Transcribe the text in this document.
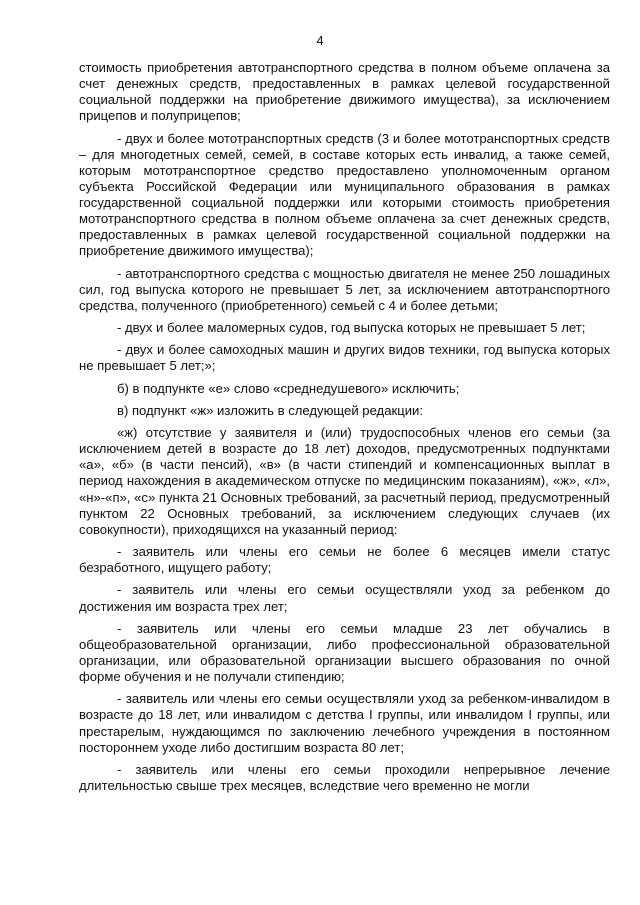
4

стоимость приобретения автотранспортного средства в полном объеме оплачена за счет денежных средств, предоставленных в рамках целевой государственной социальной поддержки на приобретение движимого имущества), за исключением прицепов и полуприцепов;

- двух и более мототранспортных средств (3 и более мототранспортных средств – для многодетных семей, семей, в составе которых есть инвалид, а также семей, которым мототранспортное средство предоставлено уполномоченным органом субъекта Российской Федерации или муниципального образования в рамках государственной социальной поддержки или которыми стоимость приобретения мототранспортного средства в полном объеме оплачена за счет денежных средств, предоставленных в рамках целевой государственной социальной поддержки на приобретение движимого имущества);

- автотранспортного средства с мощностью двигателя не менее 250 лошадиных сил, год выпуска которого не превышает 5 лет, за исключением автотранспортного средства, полученного (приобретенного) семьей с 4 и более детьми;

- двух и более маломерных судов, год выпуска которых не превышает 5 лет;

- двух и более самоходных машин и других видов техники, год выпуска которых не превышает 5 лет;»;

б) в подпункте «е» слово «среднедушевого» исключить;

в) подпункт «ж» изложить в следующей редакции:

«ж) отсутствие у заявителя и (или) трудоспособных членов его семьи (за исключением детей в возрасте до 18 лет) доходов, предусмотренных подпунктами «а», «б» (в части пенсий), «в» (в части стипендий и компенсационных выплат в период нахождения в академическом отпуске по медицинским показаниям), «ж», «л», «н»-«п», «с» пункта 21 Основных требований, за расчетный период, предусмотренный пунктом 22 Основных требований, за исключением следующих случаев (их совокупности), приходящихся на указанный период:

- заявитель или члены его семьи не более 6 месяцев имели статус безработного, ищущего работу;

- заявитель или члены его семьи осуществляли уход за ребенком до достижения им возраста трех лет;

- заявитель или члены его семьи младше 23 лет обучались в общеобразовательной организации, либо профессиональной образовательной организации, или образовательной организации высшего образования по очной форме обучения и не получали стипендию;

- заявитель или члены его семьи осуществляли уход за ребенком-инвалидом в возрасте до 18 лет, или инвалидом с детства I группы, или инвалидом I группы, или престарелым, нуждающимся по заключению лечебного учреждения в постоянном постороннем уходе либо достигшим возраста 80 лет;

- заявитель или члены его семьи проходили непрерывное лечение длительностью свыше трех месяцев, вследствие чего временно не могли
